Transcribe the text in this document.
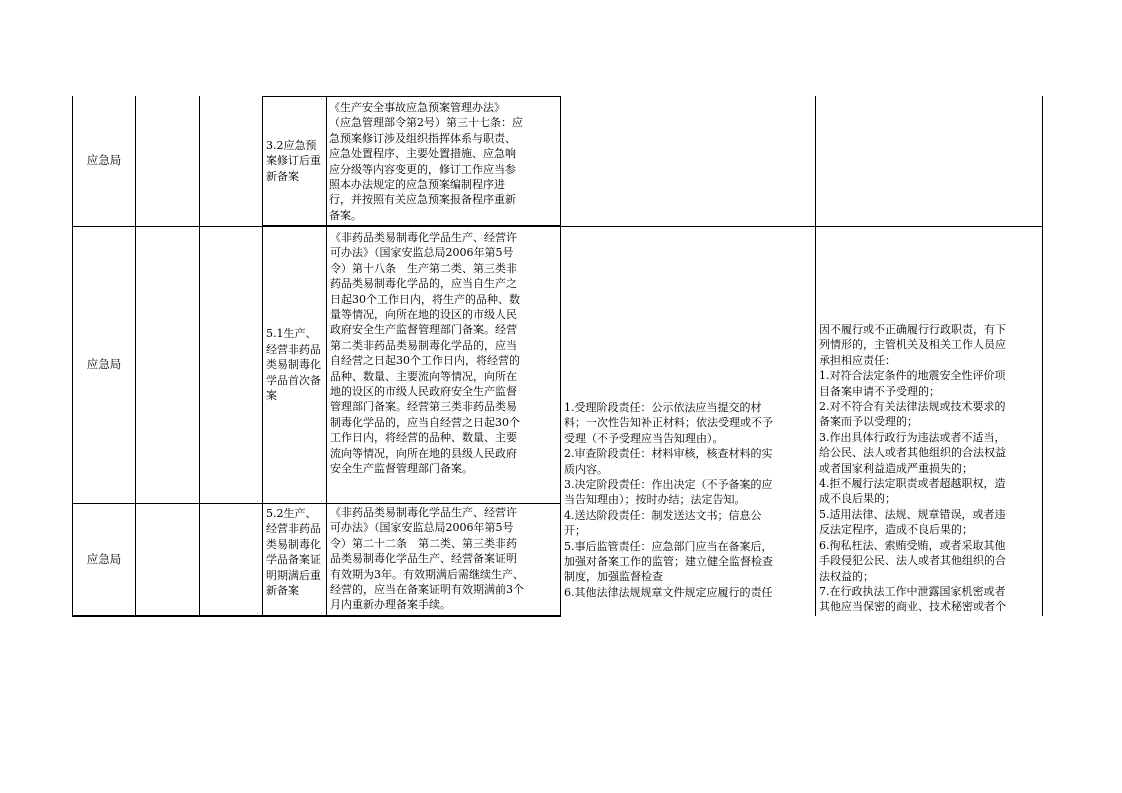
应急局
3.2应急预案修订后重新备案
《生产安全事故应急预案管理办法》
（应急管理部令第2号）第三十七条：应
急预案修订涉及组织指挥体系与职责、
应急处置程序、主要处置措施、应急响
应分级等内容变更的，修订工作应当参
照本办法规定的应急预案编制程序进
行，并按照有关应急预案报备程序重新
备案。
应急局
5.1生产、经营非药品类易制毒化学品首次备案
《非药品类易制毒化学品生产、经营许
可办法》（国家安监总局2006年第5号
令）第十八条　生产第二类、第三类非
药品类易制毒化学品的，应当自生产之
日起30个工作日内，将生产的品种、数
量等情况，向所在地的设区的市级人民
政府安全生产监督管理部门备案。经营
第二类非药品类易制毒化学品的，应当
自经营之日起30个工作日内，将经营的
品种、数量、主要流向等情况，向所在
地的设区的市级人民政府安全生产监督
管理部门备案。经营第三类非药品类易
制毒化学品的，应当自经营之日起30个
工作日内，将经营的品种、数量、主要
流向等情况，向所在地的县级人民政府
安全生产监督管理部门备案。
应急局
5.2生产、经营非药品类易制毒化学品备案证明期满后重新备案
《非药品类易制毒化学品生产、经营许
可办法》（国家安监总局2006年第5号
令）第二十二条　第二类、第三类非药
品类易制毒化学品生产、经营备案证明
有效期为3年。有效期满后需继续生产、
经营的，应当在备案证明有效期满前3个
月内重新办理备案手续。
1.受理阶段责任：公示依法应当提交的材
料；一次性告知补正材料；依法受理或不予
受理（不予受理应当告知理由）。
2.审查阶段责任：材料审核，核查材料的实
质内容。
3.决定阶段责任：作出决定（不予备案的应
当告知理由）；按时办结；法定告知。
4.送达阶段责任：制发送达文书；信息公
开；
5.事后监管责任：应急部门应当在备案后，
加强对备案工作的监管；建立健全监督检查
制度，加强监督检查
6.其他法律法规规章文件规定应履行的责任
因不履行或不正确履行行政职责，有下
列情形的，主管机关及相关工作人员应
承担相应责任：
1.对符合法定条件的地震安全性评价项
目备案申请不予受理的；
2.对不符合有关法律法规或技术要求的
备案而予以受理的；
3.作出具体行政行为违法或者不适当，
给公民、法人或者其他组织的合法权益
或者国家利益造成严重损失的；
4.拒不履行法定职责或者超越职权，造
成不良后果的；
5.适用法律、法规、规章错误，或者违
反法定程序，造成不良后果的；
6.徇私枉法、索贿受贿，或者采取其他
手段侵犯公民、法人或者其他组织的合
法权益的；
7.在行政执法工作中泄露国家机密或者
其他应当保密的商业、技术秘密或者个
